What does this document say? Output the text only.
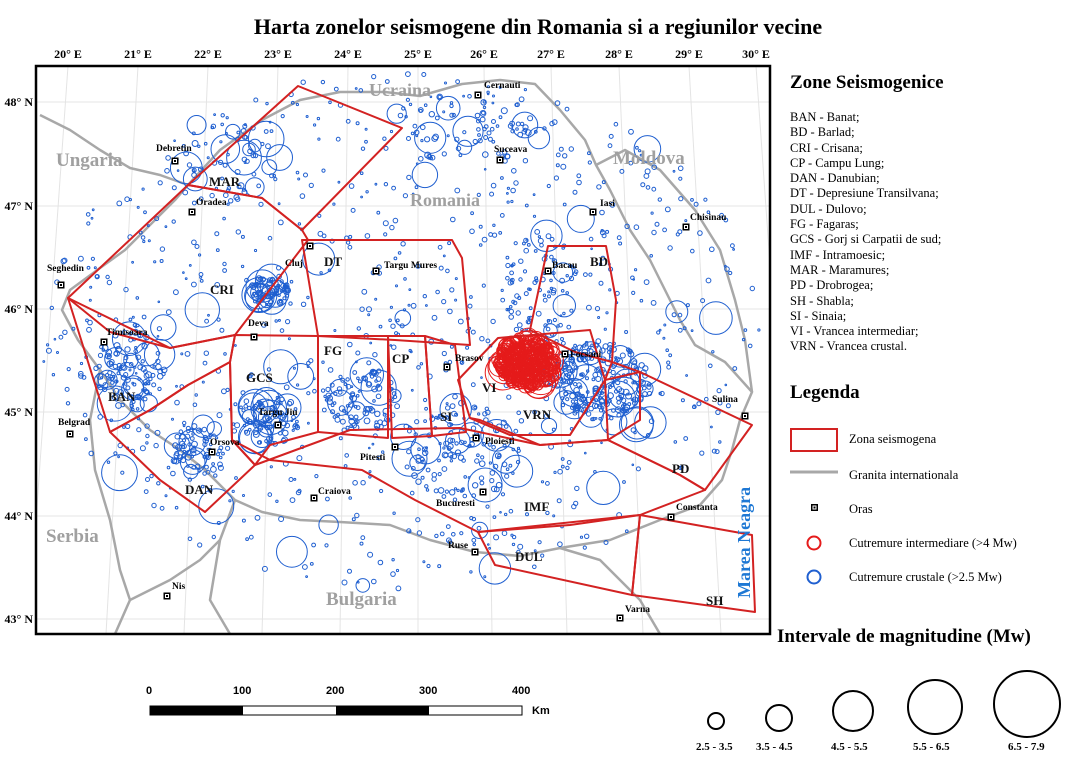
Harta zonelor seismogene din Romania si a regiunilor vecine
20° E	21° E	22° E	23° E	24° E	25° E	26° E	27° E	28° E	29° E	30° E
48° N
47° N
46° N
45° N
44° N
43° N
Ucraina
Ungaria	Moldova
Romania
Serbia
Bulgaria
Marea Neagra
Cernauti
Suceava
Debretin
Iasi
Chisinau
Oradea
Cluj	Targu Mures	Bacau
Seghedin
Timisoara
Deva
Brasov	Focsani
Sulina
Targu Jiu
Belgrad
Orsova	Ploiesti
Pitesti
Craiova
Bucuresti	Constanta
Ruse
Nis
Varna
MAR
DT
CRI
BD
FG
CP
GCS
BAN
VI
SI	VRN
DAN
PD
IMF
DUL
SH
Zone Seismogenice
BAN - Banat;
BD - Barlad;
CRI - Crisana;
CP - Campu Lung;
DAN - Danubian;
DT - Depresiune Transilvana;
DUL - Dulovo;
FG - Fagaras;
GCS - Gorj si Carpatii de sud;
IMF - Intramoesic;
MAR - Maramures;
PD - Drobrogea;
SH - Shabla;
SI - Sinaia;
VI - Vrancea intermediar;
VRN - Vrancea crustal.
Legenda
Zona seismogena
Granita internationala
Oras
Cutremure intermediare (>4 Mw)
Cutremure crustale (>2.5 Mw)
Intervale de magnitudine (Mw)
2.5 - 3.5 3.5 - 4.5	4.5 - 5.5	5.5 - 6.5	6.5 - 7.9
0	100	200	300	400
Km
